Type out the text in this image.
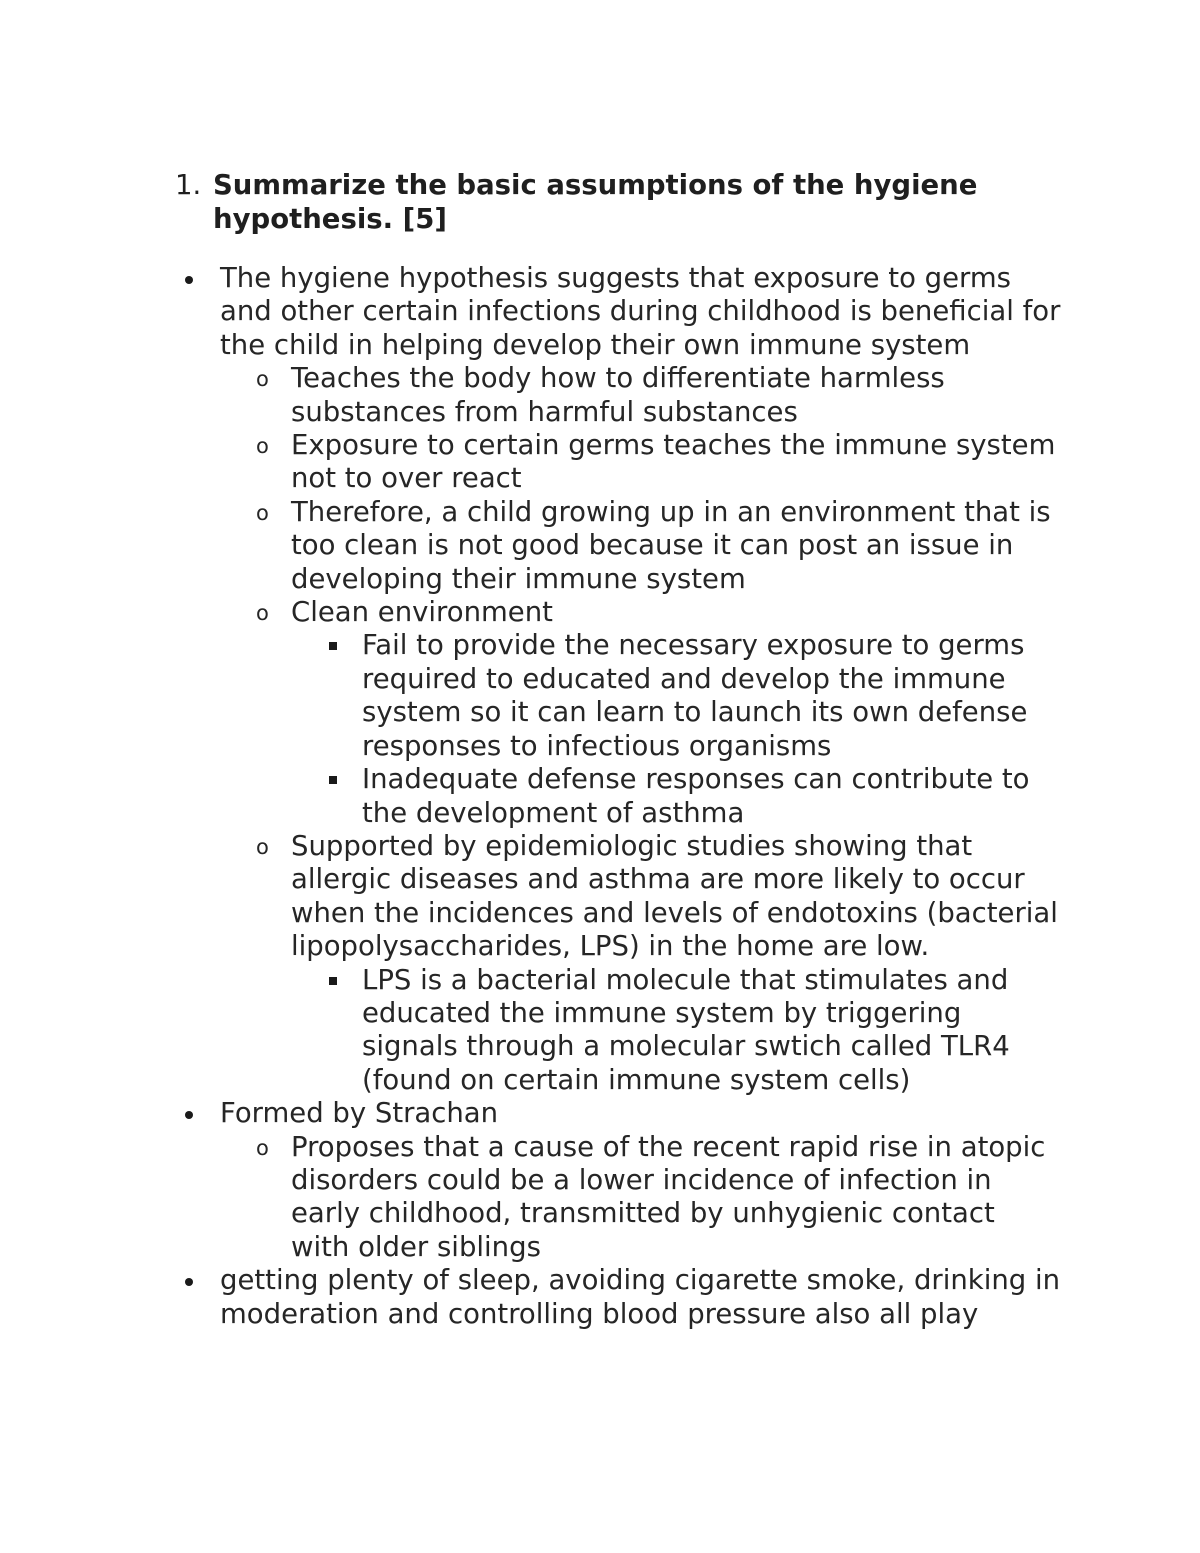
1. Summarize the basic assumptions of the hygiene hypothesis. [5]
The hygiene hypothesis suggests that exposure to germs and other certain infections during childhood is beneficial for the child in helping develop their own immune system
o Teaches the body how to differentiate harmless substances from harmful substances
o Exposure to certain germs teaches the immune system not to over react
o Therefore, a child growing up in an environment that is too clean is not good because it can post an issue in developing their immune system
o Clean environment
Fail to provide the necessary exposure to germs required to educated and develop the immune system so it can learn to launch its own defense responses to infectious organisms
Inadequate defense responses can contribute to the development of asthma
o Supported by epidemiologic studies showing that allergic diseases and asthma are more likely to occur when the incidences and levels of endotoxins (bacterial lipopolysaccharides, LPS) in the home are low.
LPS is a bacterial molecule that stimulates and educated the immune system by triggering signals through a molecular swtich called TLR4 (found on certain immune system cells)
Formed by Strachan
o Proposes that a cause of the recent rapid rise in atopic disorders could be a lower incidence of infection in early childhood, transmitted by unhygienic contact with older siblings
getting plenty of sleep, avoiding cigarette smoke, drinking in moderation and controlling blood pressure also all play
